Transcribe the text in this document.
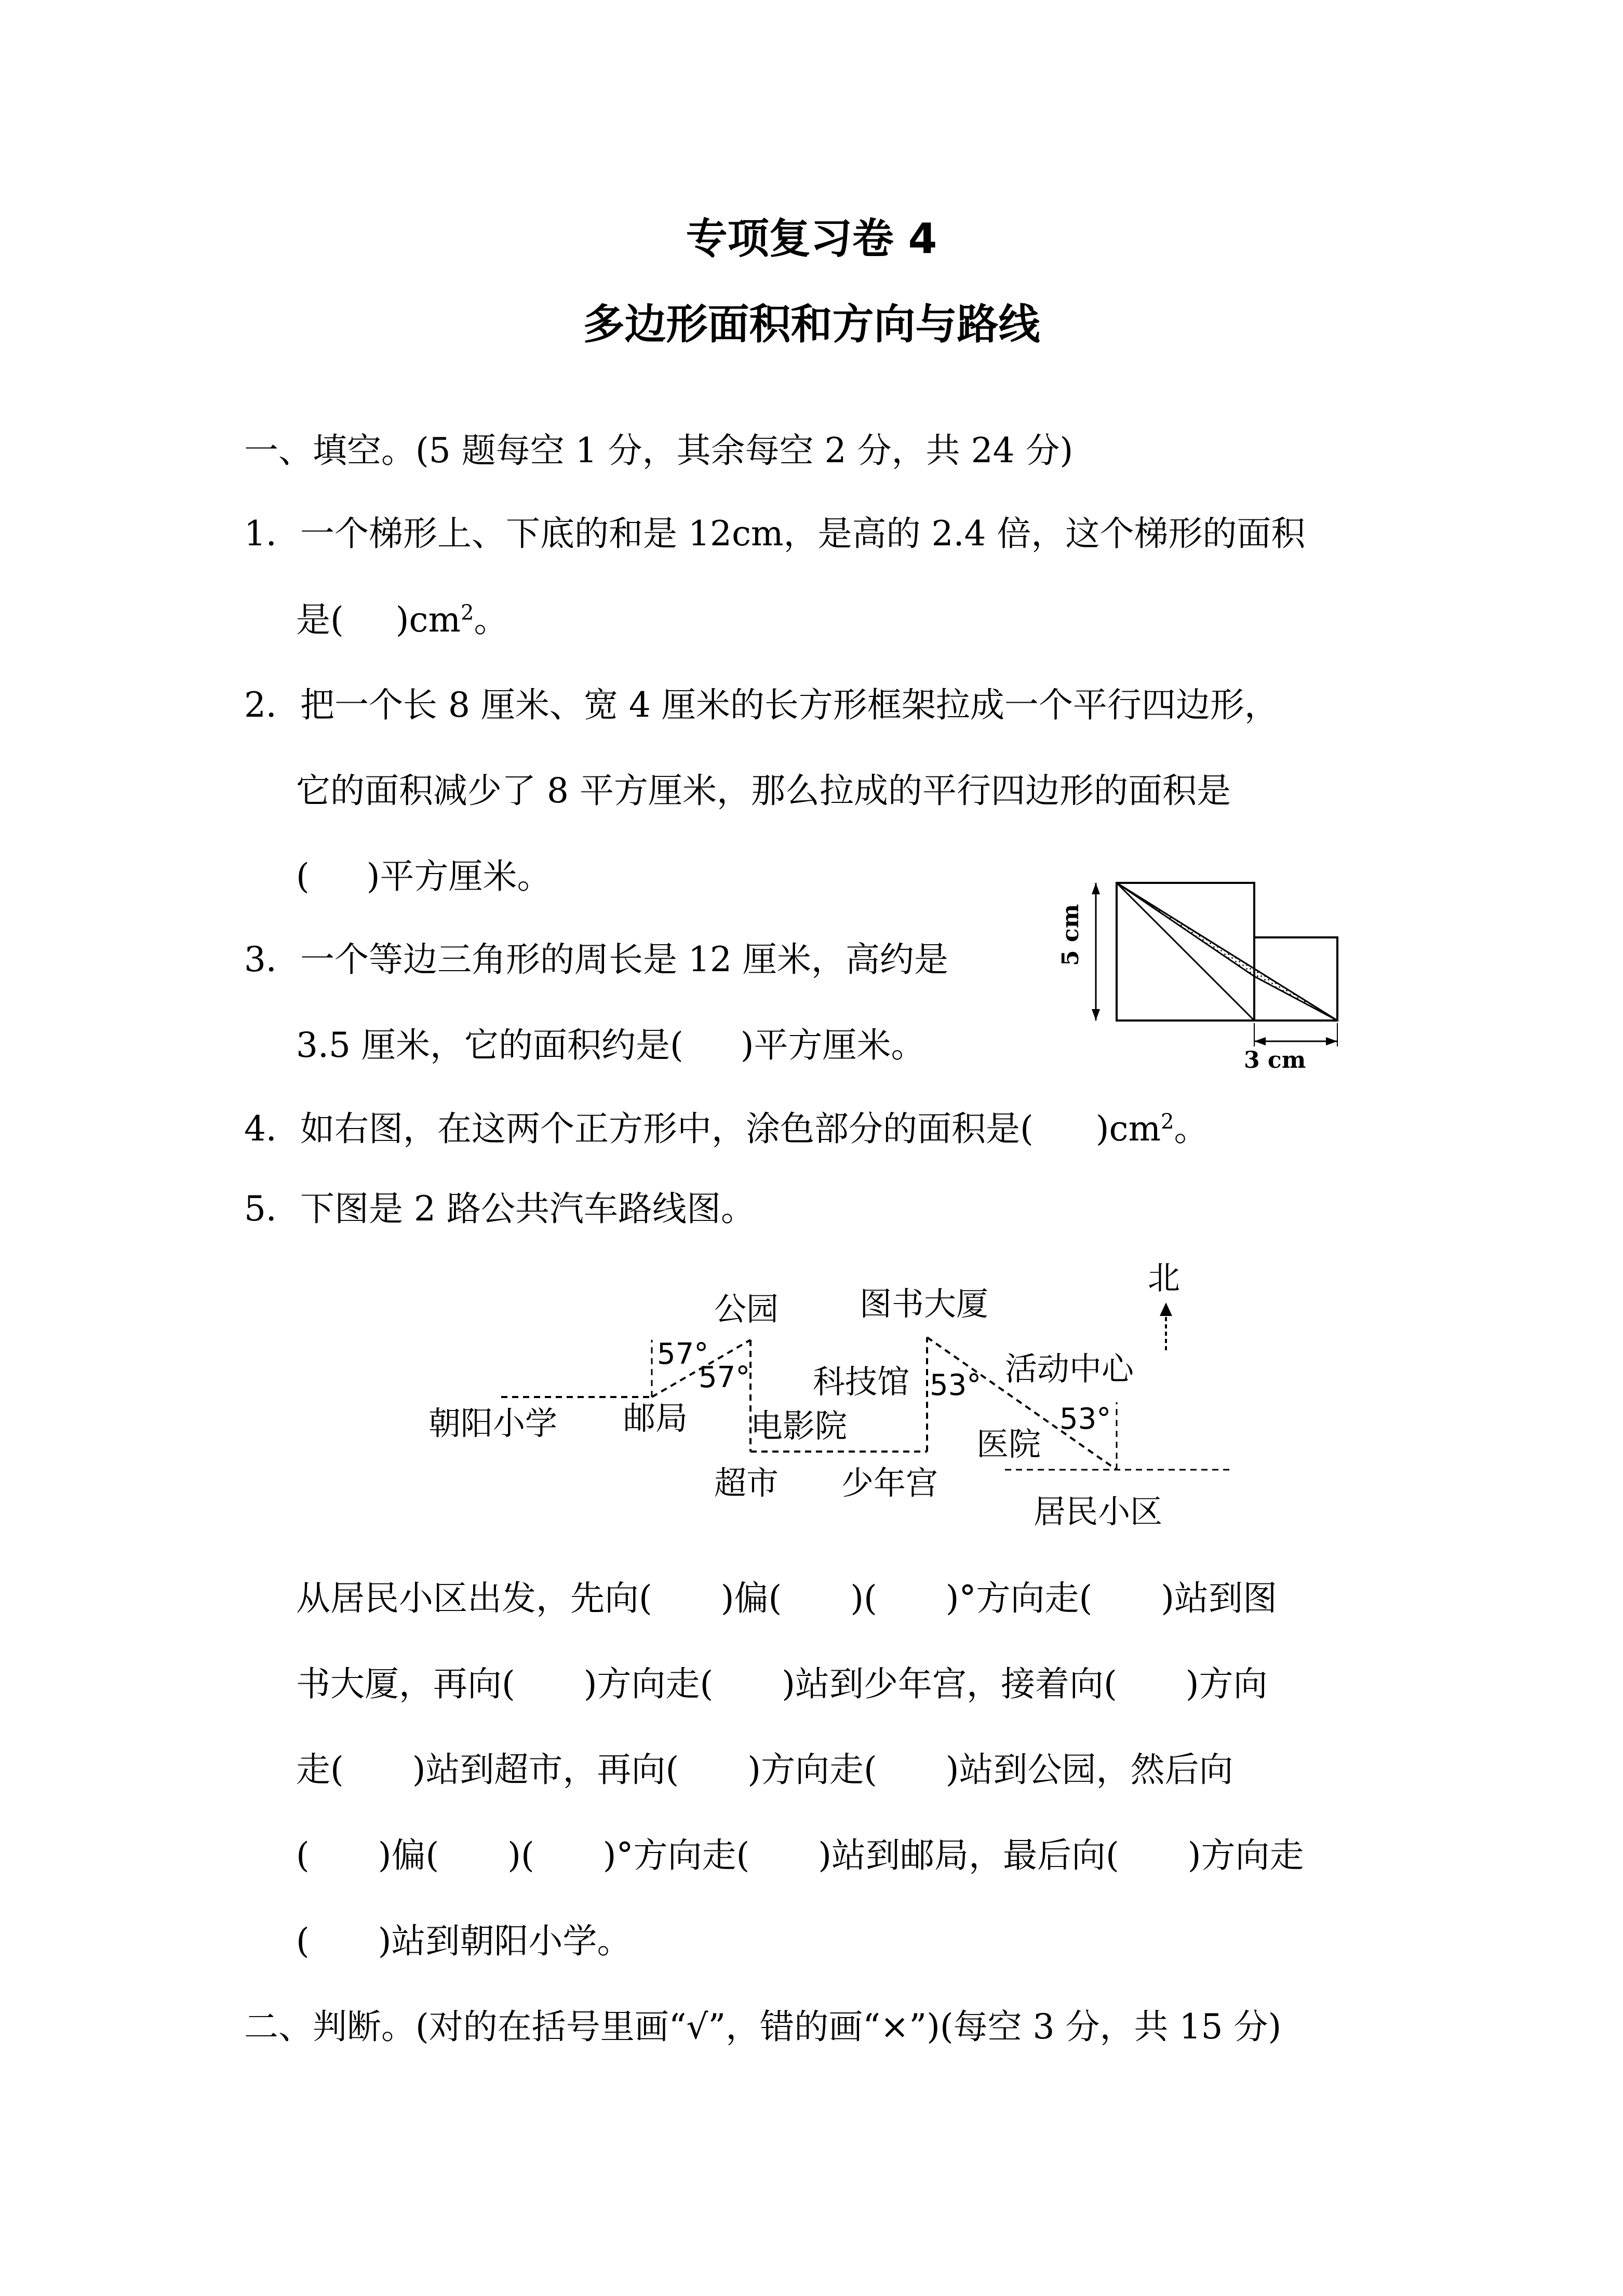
专项复习卷 4
多边形面积和方向与路线
一、填空。(5 题每空 1 分，其余每空 2 分，共 24 分)
1．一个梯形上、下底的和是 12cm，是高的 2.4 倍，这个梯形的面积
是( )$cm^2$。
2．把一个长 8 厘米、宽 4 厘米的长方形框架拉成一个平行四边形，
它的面积减少了 8 平方厘米，那么拉成的平行四边形的面积是
( )平方厘米。
3．一个等边三角形的周长是 12 厘米，高约是
3.5 厘米，它的面积约是( )平方厘米。
5 cm
3 cm
4．如右图，在这两个正方形中，涂色部分的面积是( )$cm^2$。
5．下图是 2 路公共汽车路线图。
北
公园	图书大厦
活动中心
科技馆
朝阳小学 邮局 电影院	医院
超市 少年宫
居民小区
57°
57°	53°
53°
从居民小区出发，先向(　　)偏(　　)(　　)°方向走(　　)站到图
书大厦，再向(　　)方向走(　　)站到少年宫，接着向(　　)方向
走(　　)站到超市，再向(　　)方向走(　　)站到公园，然后向
(　　)偏(　　)(　　)°方向走(　　)站到邮局，最后向(　　)方向走
(　　)站到朝阳小学。
二、判断。(对的在括号里画“√”，错的画“×”)(每空 3 分，共 15 分)
